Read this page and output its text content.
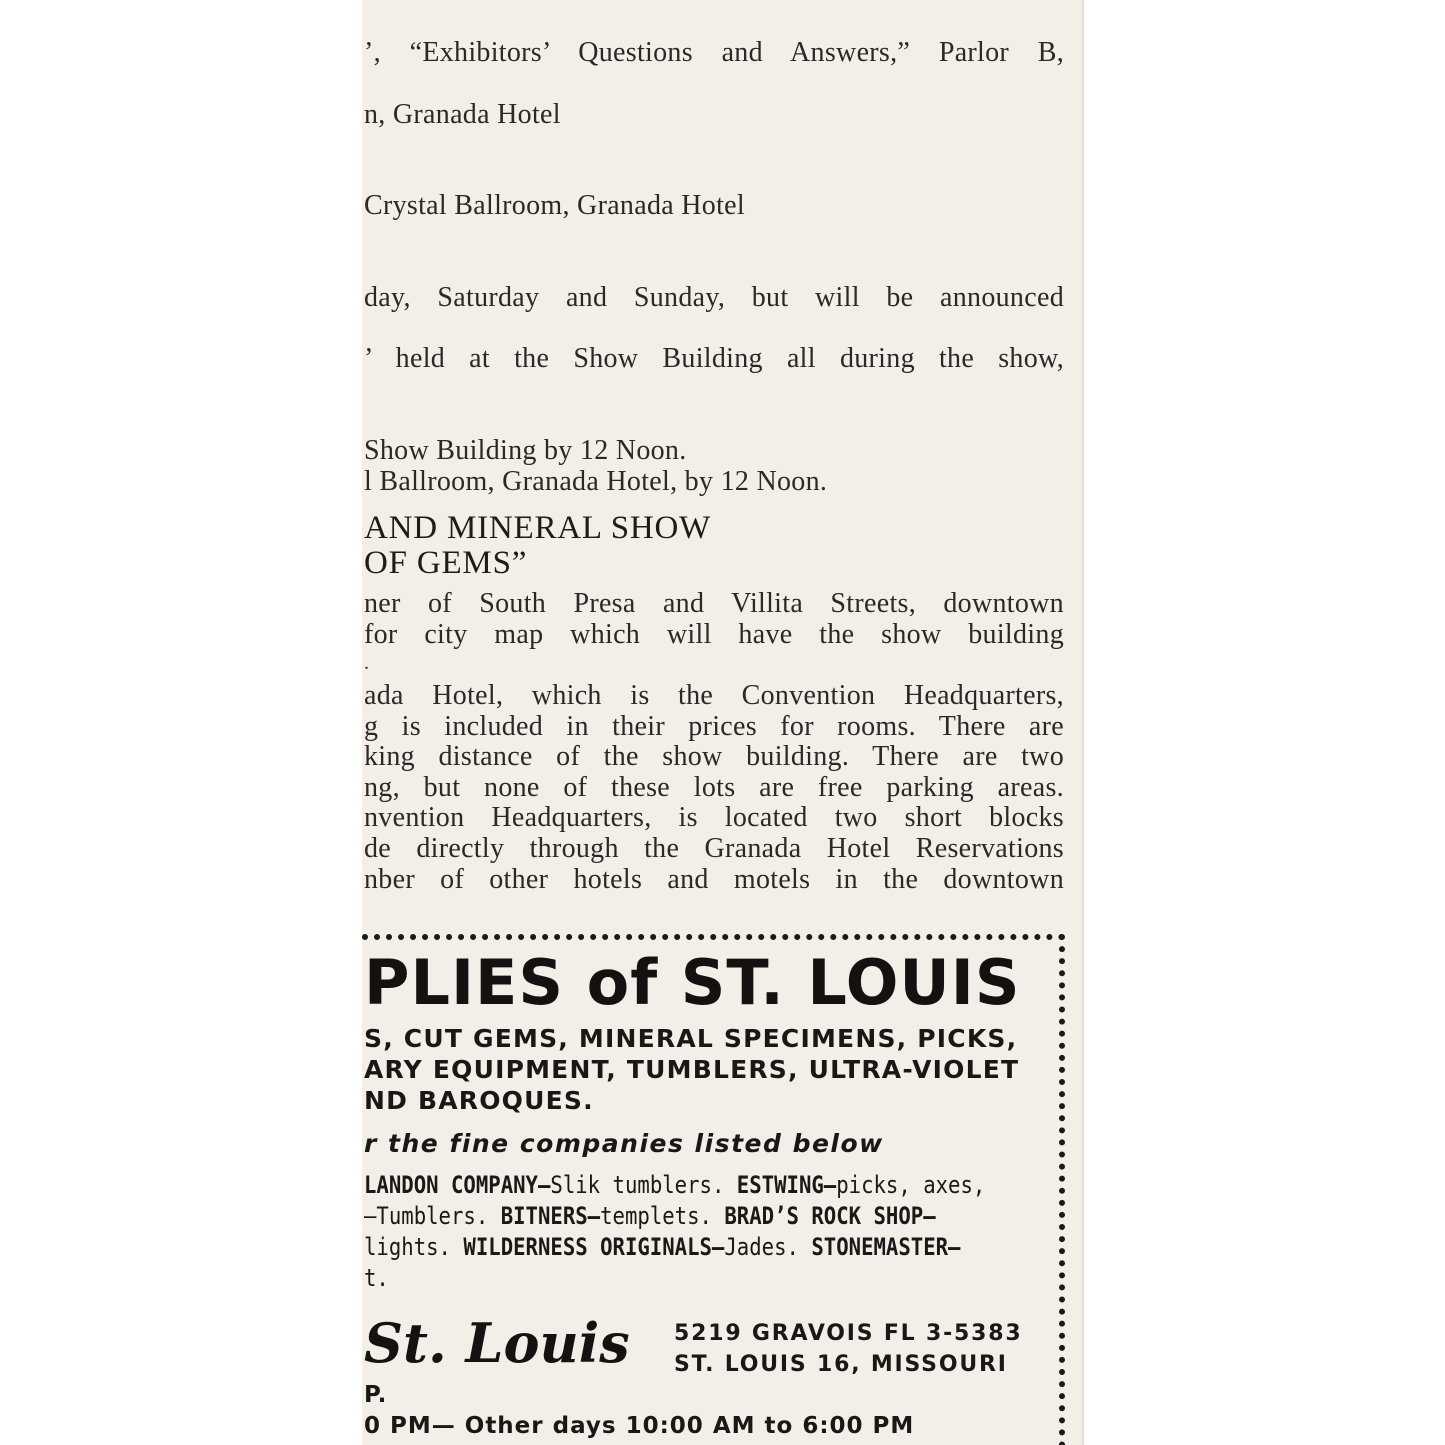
’, “Exhibitors’ Questions and Answers,” Parlor B,
n, Granada Hotel
Crystal Ballroom, Granada Hotel
day, Saturday and Sunday, but will be announced
’ held at the Show Building all during the show,
Show Building by 12 Noon.
l Ballroom, Granada Hotel, by 12 Noon.
AND MINERAL SHOW
OF GEMS”
ner of South Presa and Villita Streets, downtown
for city map which will have the show building
.
ada Hotel, which is the Convention Headquarters,
g is included in their prices for rooms. There are
king distance of the show building. There are two
ng, but none of these lots are free parking areas.
nvention Headquarters, is located two short blocks
de directly through the Granada Hotel Reservations
nber of other hotels and motels in the downtown
PLIES of ST. LOUIS
S, CUT GEMS, MINERAL SPECIMENS, PICKS,
ARY EQUIPMENT, TUMBLERS, ULTRA-VIOLET
ND BAROQUES.
r the fine companies listed below
LANDON COMPANY—Slik tumblers. ESTWING—picks, axes,
—Tumblers. BITNERS—templets. BRAD’S ROCK SHOP—
lights. WILDERNESS ORIGINALS—Jades. STONEMASTER—
t.
St. Louis 5219 GRAVOIS FL 3-5383
ST. LOUIS 16, MISSOURI
P.
0 PM— Other days 10:00 AM to 6:00 PM
